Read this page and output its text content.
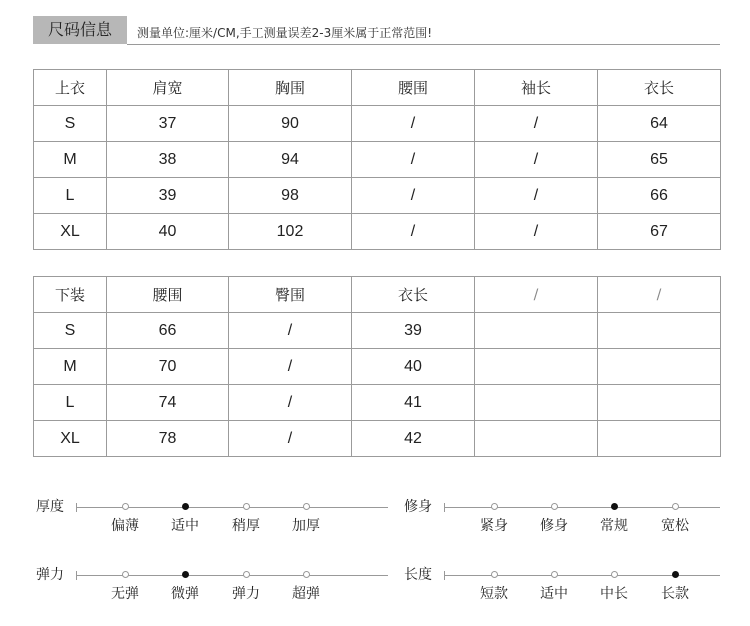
尺码信息	测量单位:厘米/CM,手工测量误差2-3厘米属于正常范围!
上衣	肩宽	胸围	腰围	袖长	衣长
S	37	90	/	/	64
M	38	94	/	/	65
L	39	98	/	/	66
XL	40	102	/	/	67
下装	腰围	臀围	衣长	/	/
S	66	/	39		
M	70	/	40		
L	74	/	41		
XL	78	/	42		
厚度
偏薄	适中	稍厚	加厚
修身
紧身	修身	常规	宽松
弹力
无弹	微弹	弹力	超弹
长度
短款	适中	中长	长款
